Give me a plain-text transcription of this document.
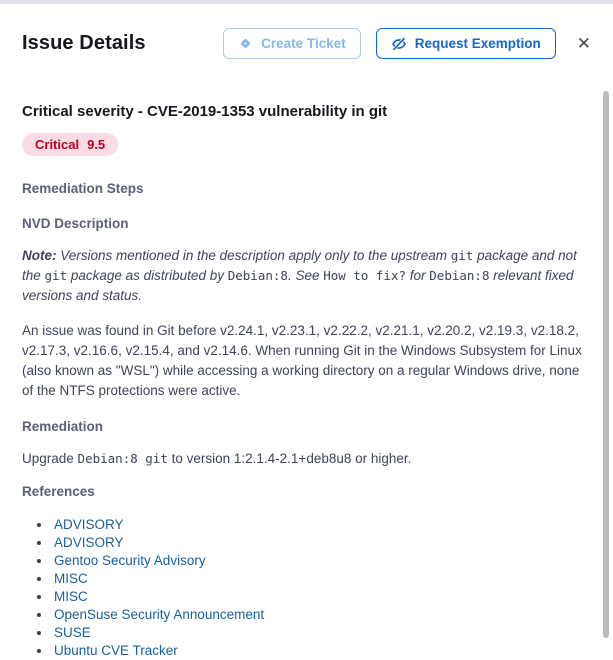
Issue Details	Create Ticket	Request Exemption	✕
Critical severity - CVE-2019-1353 vulnerability in git
Critical 9.5
Remediation Steps
NVD Description

Note: Versions mentioned in the description apply only to the upstream git package and not the git package as distributed by Debian:8. See How to fix? for Debian:8 relevant fixed versions and status.

An issue was found in Git before v2.24.1, v2.23.1, v2.22.2, v2.21.1, v2.20.2, v2.19.3, v2.18.2, v2.17.3, v2.16.6, v2.15.4, and v2.14.6. When running Git in the Windows Subsystem for Linux (also known as "WSL") while accessing a working directory on a regular Windows drive, none of the NTFS protections were active.

Remediation

Upgrade Debian:8 git to version 1:2.1.4-2.1+deb8u8 or higher.

References
• ADVISORY
• ADVISORY
• Gentoo Security Advisory
• MISC
• MISC
• OpenSuse Security Announcement
• SUSE
• Ubuntu CVE Tracker
